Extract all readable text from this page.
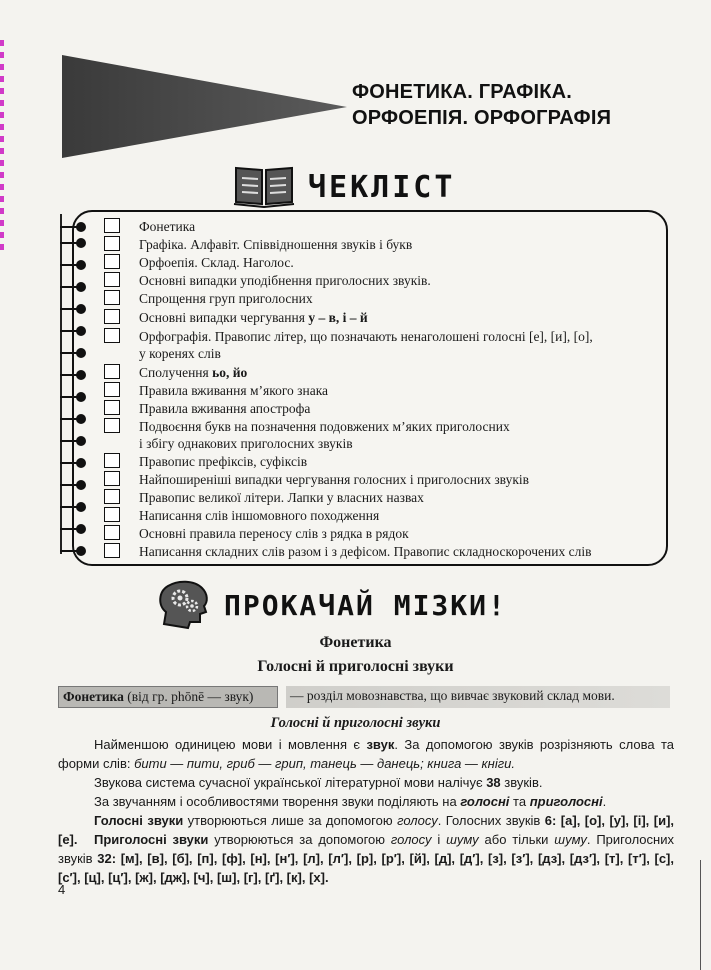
ФОНЕТИКА. ГРАФІКА.
ОРФОЕПІЯ. ОРФОГРАФІЯ
ЧЕКЛІСТ
Фонетика
Графіка. Алфавіт. Співвідношення звуків і букв
Орфоепія. Склад. Наголос.
Основні випадки уподібнення приголосних звуків.
Спрощення груп приголосних
Основні випадки чергування у – в, і – й
Орфографія. Правопис літер, що позначають ненаголошені голосні [е], [и], [о],
у коренях слів
Сполучення ьо, йо
Правила вживання м’якого знака
Правила вживання апострофа
Подвоєння букв на позначення подовжених м’яких приголосних
і збігу однакових приголосних звуків
Правопис префіксів, суфіксів
Найпоширеніші випадки чергування голосних і приголосних звуків
Правопис великої літери. Лапки у власних назвах
Написання слів іншомовного походження
Основні правила переносу слів з рядка в рядок
Написання складних слів разом і з дефісом. Правопис складноскорочених слів
ПРОКАЧАЙ МІЗКИ!
Фонетика
Голосні й приголосні звуки
Фонетика (від гр. phōnē — звук)	— розділ мовознавства, що вивчає звуковий склад мови.
Голосні й приголосні звуки
Найменшою одиницею мови і мовлення є звук. За допомогою звуків розрізняють слова та форми слів: бити — пити, гриб — грип, танець — данець; книга — кніги.
Звукова система сучасної української літературної мови налічує 38 звуків.
За звучанням і особливостями творення звуки поділяють на голосні та приголосні.
Голосні звуки утворюються лише за допомогою голосу. Голосних звуків 6: [а], [о], [у], [і], [и], [е].	Приголосні звуки утворюються за допомогою голосу і шуму або тільки шуму. Приголосних звуків 32: [м], [в], [б], [п], [ф], [н], [н′], [л], [л′], [р], [р′], [й], [д], [д′], [з], [з′], [дз], [дз′], [т], [т′], [с], [с′], [ц], [ц′], [ж], [дж], [ч], [ш], [г], [ґ], [к], [х].
4
